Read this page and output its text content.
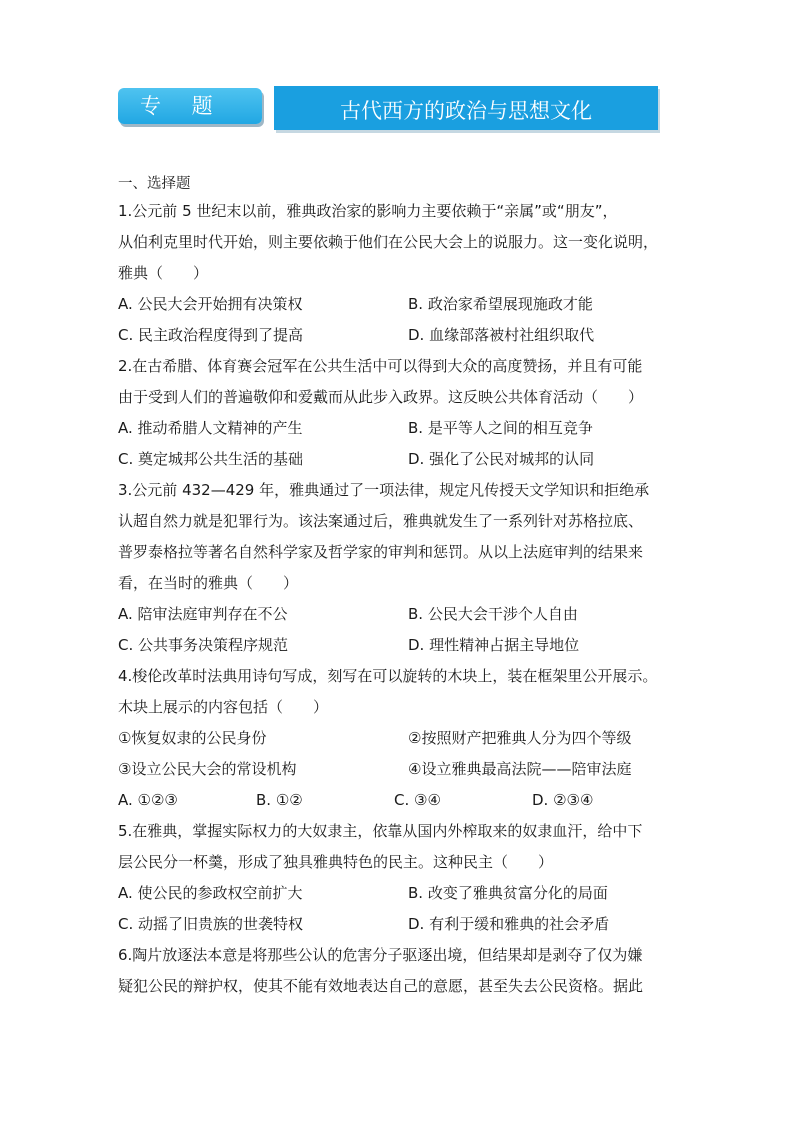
专 题 八
古代西方的政治与思想文化
一、选择题
1.公元前 5 世纪末以前，雅典政治家的影响力主要依赖于“亲属”或“朋友”，
从伯利克里时代开始，则主要依赖于他们在公民大会上的说服力。这一变化说明，
雅典（　　）
A. 公民大会开始拥有决策权	B. 政治家希望展现施政才能
C. 民主政治程度得到了提高	D. 血缘部落被村社组织取代
2.在古希腊、体育赛会冠军在公共生活中可以得到大众的高度赞扬，并且有可能
由于受到人们的普遍敬仰和爱戴而从此步入政界。这反映公共体育活动（　　）
A. 推动希腊人文精神的产生	B. 是平等人之间的相互竞争
C. 奠定城邦公共生活的基础	D. 强化了公民对城邦的认同
3.公元前 432—429 年，雅典通过了一项法律，规定凡传授天文学知识和拒绝承
认超自然力就是犯罪行为。该法案通过后，雅典就发生了一系列针对苏格拉底、
普罗泰格拉等著名自然科学家及哲学家的审判和惩罚。从以上法庭审判的结果来
看，在当时的雅典（　　）
A. 陪审法庭审判存在不公	B. 公民大会干涉个人自由
C. 公共事务决策程序规范	D. 理性精神占据主导地位
4.梭伦改革时法典用诗句写成，刻写在可以旋转的木块上，装在框架里公开展示。
木块上展示的内容包括（　　）
①恢复奴隶的公民身份	②按照财产把雅典人分为四个等级
③设立公民大会的常设机构	④设立雅典最高法院——陪审法庭
A. ①②③	B. ①②	C. ③④	D. ②③④
5.在雅典，掌握实际权力的大奴隶主，依靠从国内外榨取来的奴隶血汗，给中下
层公民分一杯羹，形成了独具雅典特色的民主。这种民主（　　）
A. 使公民的参政权空前扩大	B. 改变了雅典贫富分化的局面
C. 动摇了旧贵族的世袭特权	D. 有利于缓和雅典的社会矛盾
6.陶片放逐法本意是将那些公认的危害分子驱逐出境，但结果却是剥夺了仅为嫌
疑犯公民的辩护权，使其不能有效地表达自己的意愿，甚至失去公民资格。据此
